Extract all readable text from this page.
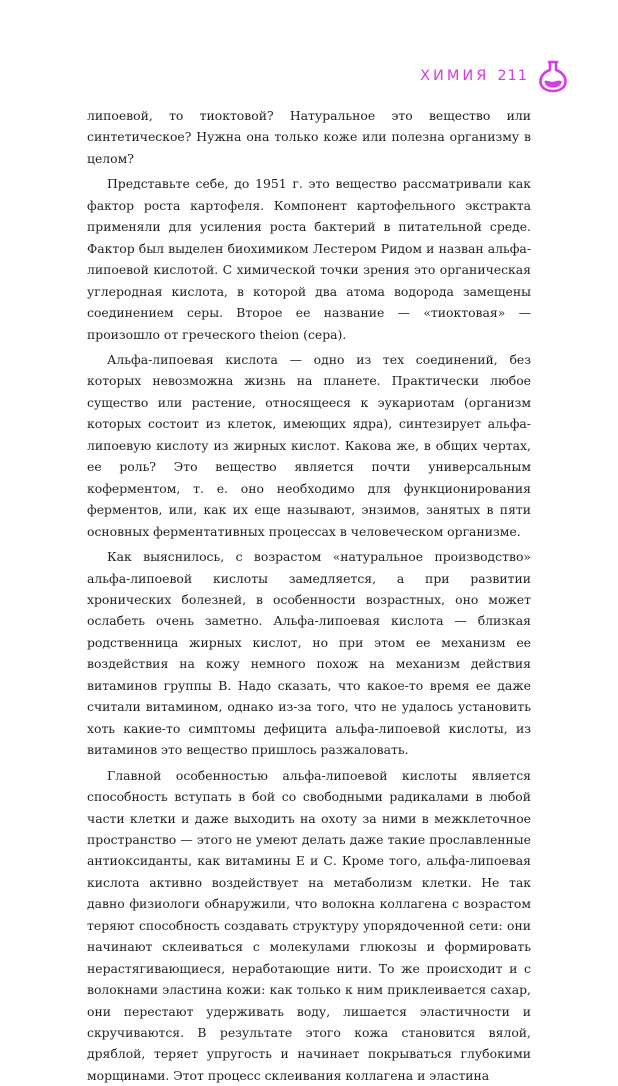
ХИМИЯ 211

липоевой, то тиоктовой? Натуральное это вещество или синтетическое? Нужна она только коже или полезна организму в целом?

Представьте себе, до 1951 г. это вещество рассматривали как фактор роста картофеля. Компонент картофельного экстракта применяли для усиления роста бактерий в питательной среде. Фактор был выделен биохимиком Лестером Ридом и назван альфа-липоевой кислотой. С химической точки зрения это органическая углеродная кислота, в которой два атома водорода замещены соединением серы. Второе ее название — «тиоктовая» — произошло от греческого theion (сера).

Альфа-липоевая кислота — одно из тех соединений, без которых невозможна жизнь на планете. Практически любое существо или растение, относящееся к эукариотам (организм которых состоит из клеток, имеющих ядра), синтезирует альфа-липоевую кислоту из жирных кислот. Какова же, в общих чертах, ее роль? Это вещество является почти универсальным коферментом, т. е. оно необходимо для функционирования ферментов, или, как их еще называют, энзимов, занятых в пяти основных ферментативных процессах в человеческом организме.

Как выяснилось, с возрастом «натуральное производство» альфа-липоевой кислоты замедляется, а при развитии хронических болезней, в особенности возрастных, оно может ослабеть очень заметно. Альфа-липоевая кислота — близкая родственница жирных кислот, но при этом ее механизм ее воздействия на кожу немного похож на механизм действия витаминов группы В. Надо сказать, что какое-то время ее даже считали витамином, однако из-за того, что не удалось установить хоть какие-то симптомы дефицита альфа-липоевой кислоты, из витаминов это вещество пришлось разжаловать.

Главной особенностью альфа-липоевой кислоты является способность вступать в бой со свободными радикалами в любой части клетки и даже выходить на охоту за ними в межклеточное пространство — этого не умеют делать даже такие прославленные антиоксиданты, как витамины Е и С. Кроме того, альфа-липоевая кислота активно воздействует на метаболизм клетки. Не так давно физиологи обнаружили, что волокна коллагена с возрастом теряют способность создавать структуру упорядоченной сети: они начинают склеиваться с молекулами глюкозы и формировать нерастягивающиеся, неработающие нити. То же происходит и с волокнами эластина кожи: как только к ним приклеивается сахар, они перестают удерживать воду, лишается эластичности и скручиваются. В результате этого кожа становится вялой, дряблой, теряет упругость и начинает покрываться глубокими морщинами. Этот процесс склеивания коллагена и эластина
